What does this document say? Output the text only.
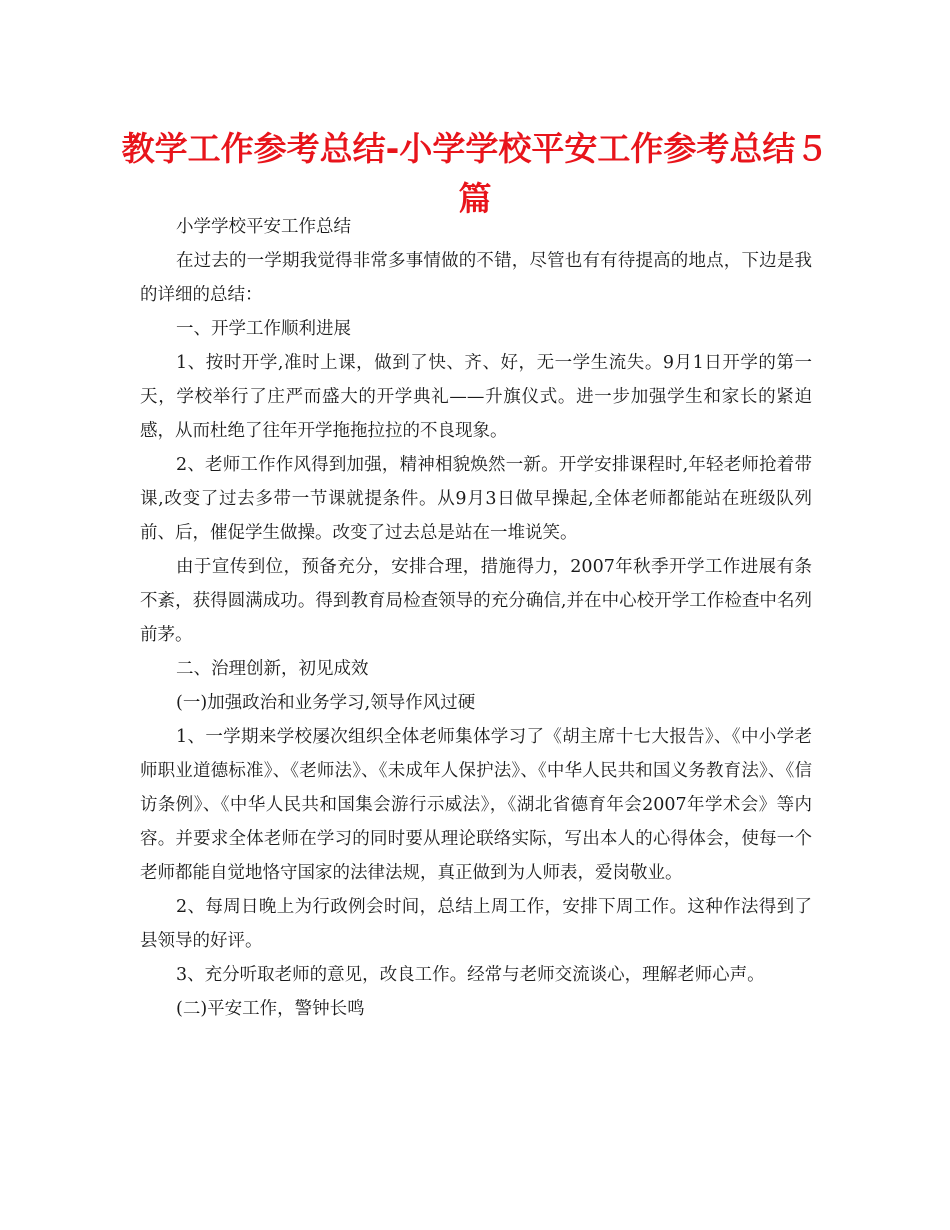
教学工作参考总结-小学学校平安工作参考总结５篇

小学学校平安工作总结

在过去的一学期我觉得非常多事情做的不错，尽管也有有待提高的地点，下边是我的详细的总结：

一、开学工作顺利进展

1、按时开学,准时上课，做到了快、齐、好，无一学生流失。9月1日开学的第一天，学校举行了庄严而盛大的开学典礼——升旗仪式。进一步加强学生和家长的紧迫感，从而杜绝了往年开学拖拖拉拉的不良现象。

2、老师工作作风得到加强，精神相貌焕然一新。开学安排课程时,年轻老师抢着带课,改变了过去多带一节课就提条件。从9月3日做早操起,全体老师都能站在班级队列前、后，催促学生做操。改变了过去总是站在一堆说笑。

由于宣传到位，预备充分，安排合理，措施得力，2007年秋季开学工作进展有条不紊，获得圆满成功。得到教育局检查领导的充分确信,并在中心校开学工作检查中名列前茅。

二、治理创新，初见成效

(一)加强政治和业务学习,领导作风过硬

1、一学期来学校屡次组织全体老师集体学习了《胡主席十七大报告》、《中小学老师职业道德标准》、《老师法》、《未成年人保护法》、《中华人民共和国义务教育法》、《信访条例》、《中华人民共和国集会游行示威法》，《湖北省德育年会2007年学术会》等内容。并要求全体老师在学习的同时要从理论联络实际，写出本人的心得体会，使每一个老师都能自觉地恪守国家的法律法规，真正做到为人师表，爱岗敬业。

2、每周日晚上为行政例会时间，总结上周工作，安排下周工作。这种作法得到了县领导的好评。

3、充分听取老师的意见，改良工作。经常与老师交流谈心，理解老师心声。

(二)平安工作，警钟长鸣
